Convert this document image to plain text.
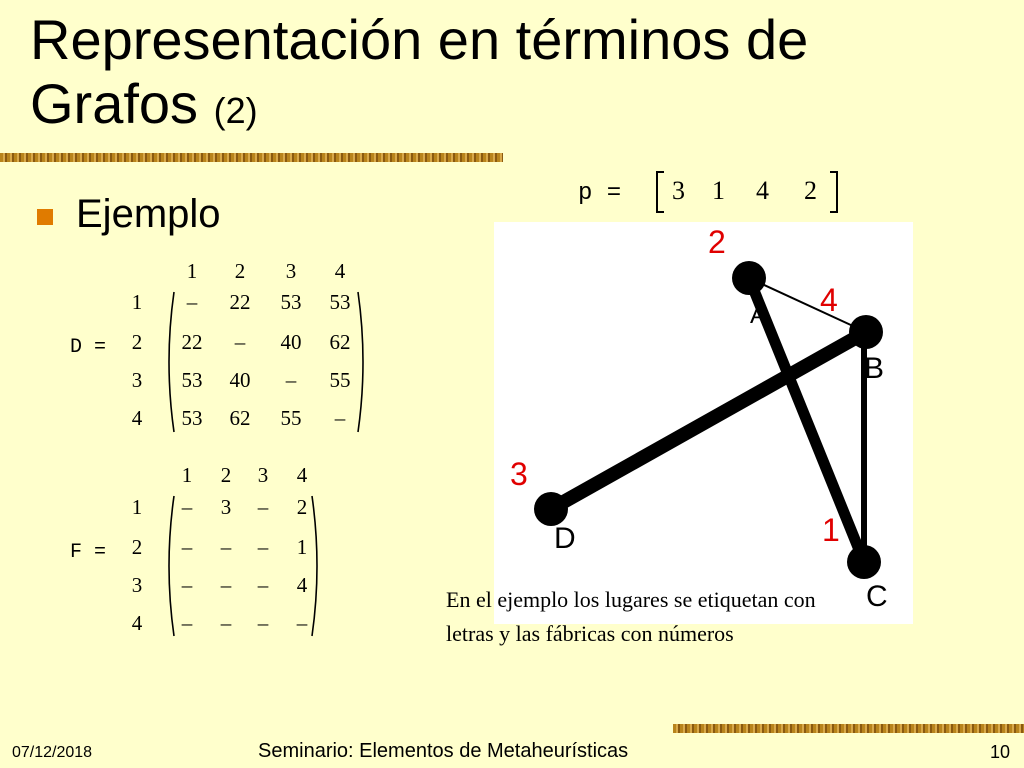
Representación en términos de Grafos (2)
Ejemplo	p = 3 1 4 2
D =
1	2	3	4
1	–	22	53	53
2	22	–	40	62
3	53	40	–	55
4	53	62	55	–
F =
1	2	3	4
1	–	3	–	2
2	–	–	–	1
3	–	–	–	4
4	–	–	–	–
A
B
C
D
2
4
1
3
En el ejemplo los lugares se etiquetan con letras y las fábricas con números
07/12/2018	Seminario: Elementos de Metaheurísticas	10
